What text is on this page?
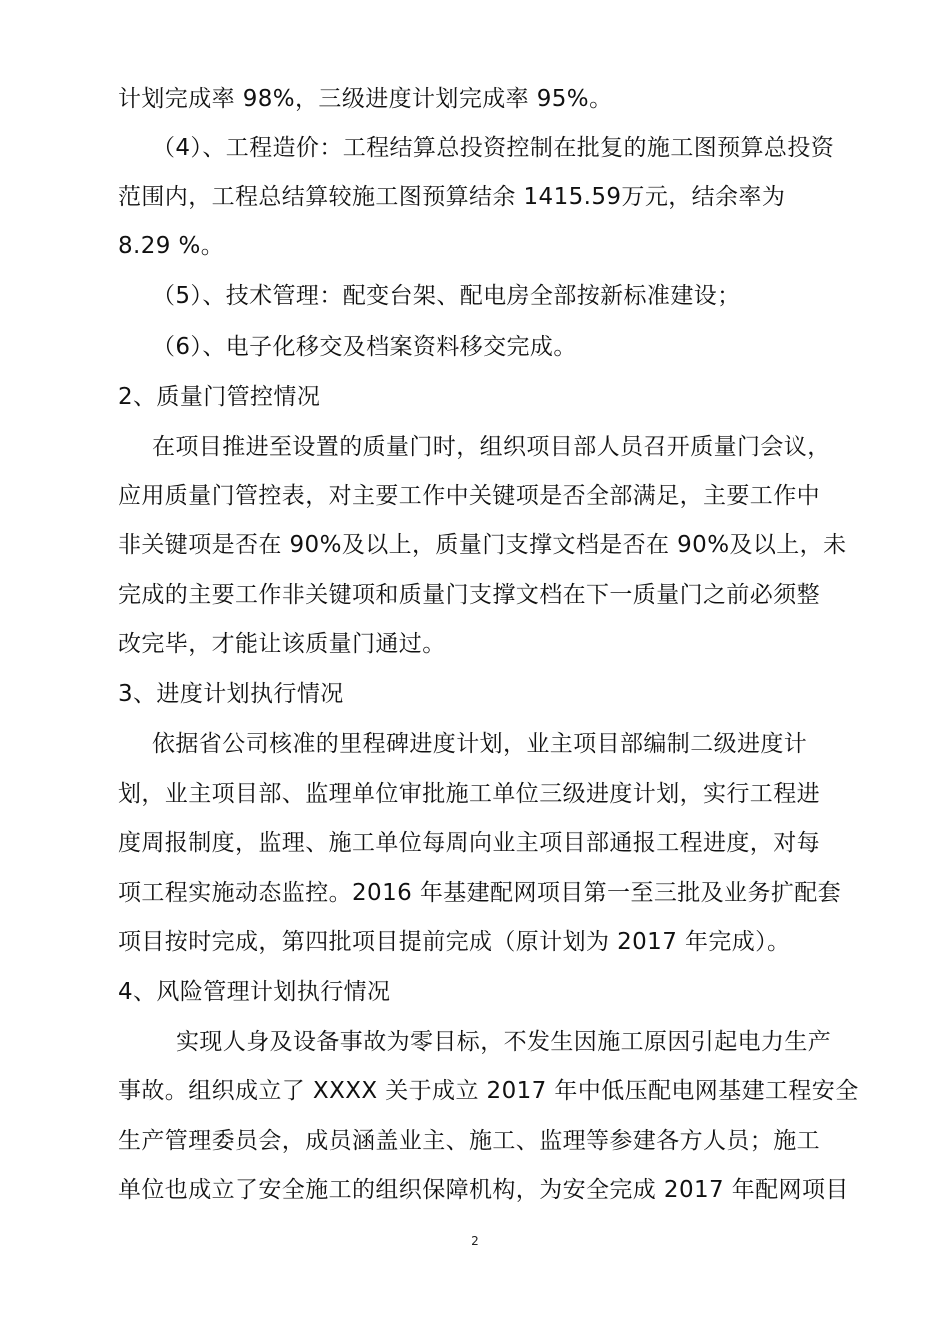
计划完成率 98%，三级进度计划完成率 95%。
（4）、工程造价：工程结算总投资控制在批复的施工图预算总投资
范围内，工程总结算较施工图预算结余 1415.59万元，结余率为
8.29 %。
（5）、技术管理：配变台架、配电房全部按新标准建设；
（6）、电子化移交及档案资料移交完成。
2、质量门管控情况
在项目推进至设置的质量门时，组织项目部人员召开质量门会议，
应用质量门管控表，对主要工作中关键项是否全部满足，主要工作中
非关键项是否在 90%及以上，质量门支撑文档是否在 90%及以上，未
完成的主要工作非关键项和质量门支撑文档在下一质量门之前必须整
改完毕，才能让该质量门通过。
3、进度计划执行情况
依据省公司核准的里程碑进度计划，业主项目部编制二级进度计
划，业主项目部、监理单位审批施工单位三级进度计划，实行工程进
度周报制度，监理、施工单位每周向业主项目部通报工程进度，对每
项工程实施动态监控。2016 年基建配网项目第一至三批及业务扩配套
项目按时完成，第四批项目提前完成（原计划为 2017 年完成）。
4、风险管理计划执行情况
实现人身及设备事故为零目标，不发生因施工原因引起电力生产
事故。组织成立了 XXXX 关于成立 2017 年中低压配电网基建工程安全
生产管理委员会，成员涵盖业主、施工、监理等参建各方人员；施工
单位也成立了安全施工的组织保障机构，为安全完成 2017 年配网项目
2
